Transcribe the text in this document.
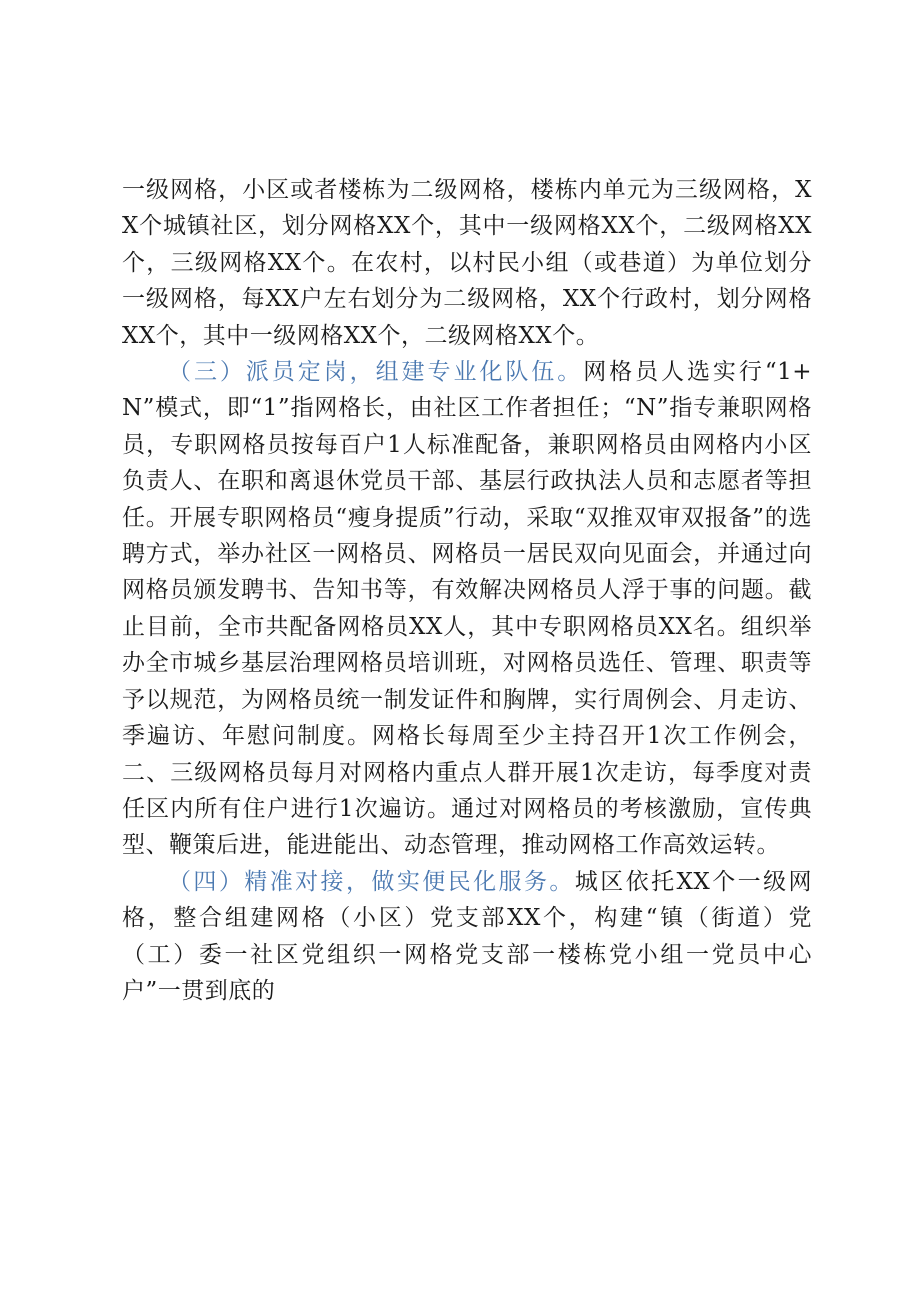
一级网格，小区或者楼栋为二级网格，楼栋内单元为三级网格，XX个城镇社区，划分网格XX个，其中一级网格XX个，二级网格XX个，三级网格XX个。在农村，以村民小组（或巷道）为单位划分一级网格，每XX户左右划分为二级网格，XX个行政村，划分网格XX个，其中一级网格XX个，二级网格XX个。

（三）派员定岗，组建专业化队伍。网格员人选实行“1+N”模式，即“1”指网格长，由社区工作者担任；“N”指专兼职网格员，专职网格员按每百户1人标准配备，兼职网格员由网格内小区负责人、在职和离退休党员干部、基层行政执法人员和志愿者等担任。开展专职网格员“瘦身提质”行动，采取“双推双审双报备”的选聘方式，举办社区一网格员、网格员一居民双向见面会，并通过向网格员颁发聘书、告知书等，有效解决网格员人浮于事的问题。截止目前，全市共配备网格员XX人，其中专职网格员XX名。组织举办全市城乡基层治理网格员培训班，对网格员选任、管理、职责等予以规范，为网格员统一制发证件和胸牌，实行周例会、月走访、季遍访、年慰问制度。网格长每周至少主持召开1次工作例会，二、三级网格员每月对网格内重点人群开展1次走访，每季度对责任区内所有住户进行1次遍访。通过对网格员的考核激励，宣传典型、鞭策后进，能进能出、动态管理，推动网格工作高效运转。

（四）精准对接，做实便民化服务。城区依托XX个一级网格，整合组建网格（小区）党支部XX个，构建“镇（街道）党（工）委一社区党组织一网格党支部一楼栋党小组一党员中心户”一贯到底的
